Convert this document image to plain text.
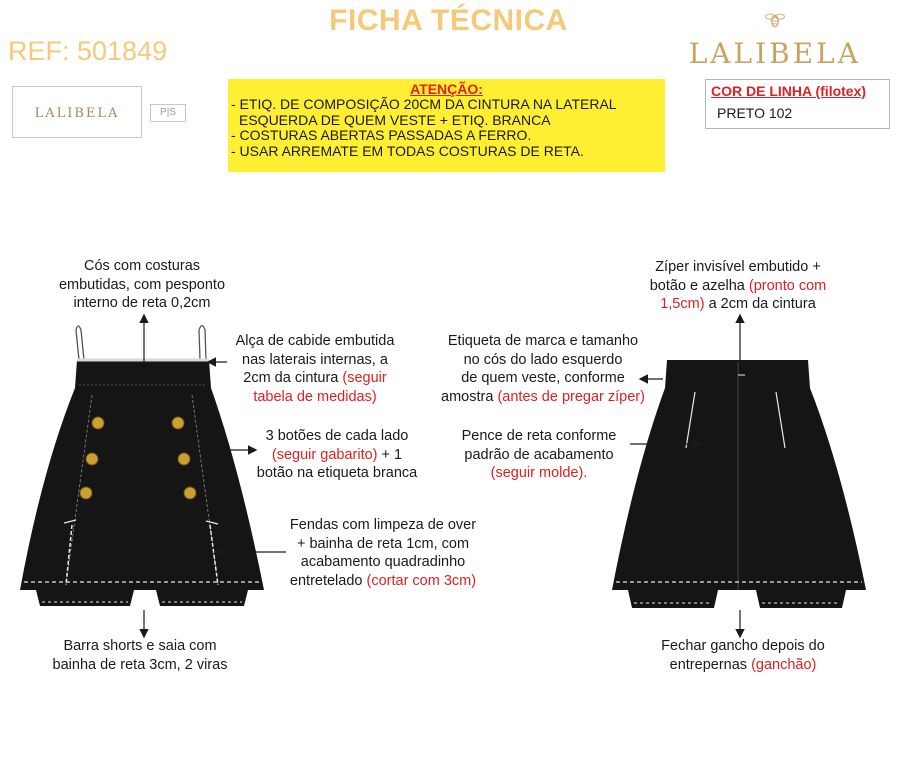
FICHA TÉCNICA
REF: 501849	LALIBELA
LALIBELA	P|S
ATENÇÃO:
- ETIQ. DE COMPOSIÇÃO 20CM DA CINTURA NA LATERAL
ESQUERDA DE QUEM VESTE + ETIQ. BRANCA
- COSTURAS ABERTAS PASSADAS A FERRO.
- USAR ARREMATE EM TODAS COSTURAS DE RETA.
COR DE LINHA (filotex)
PRETO 102
Cós com costuras
embutidas, com pesponto
interno de reta 0,2cm
Alça de cabide embutida
nas laterais internas, a
2cm da cintura (seguir
tabela de medidas)
3 botões de cada lado
(seguir gabarito) + 1
botão na etiqueta branca
Fendas com limpeza de over
+ bainha de reta 1cm, com
acabamento quadradinho
entretelado (cortar com 3cm)
Barra shorts e saia com
bainha de reta 3cm, 2 viras
Zíper invisível embutido +
botão e azelha (pronto com
1,5cm) a 2cm da cintura
Etiqueta de marca e tamanho
no cós do lado esquerdo
de quem veste, conforme
amostra (antes de pregar zíper)
Pence de reta conforme
padrão de acabamento
(seguir molde).
Fechar gancho depois do
entrepernas (ganchão)
